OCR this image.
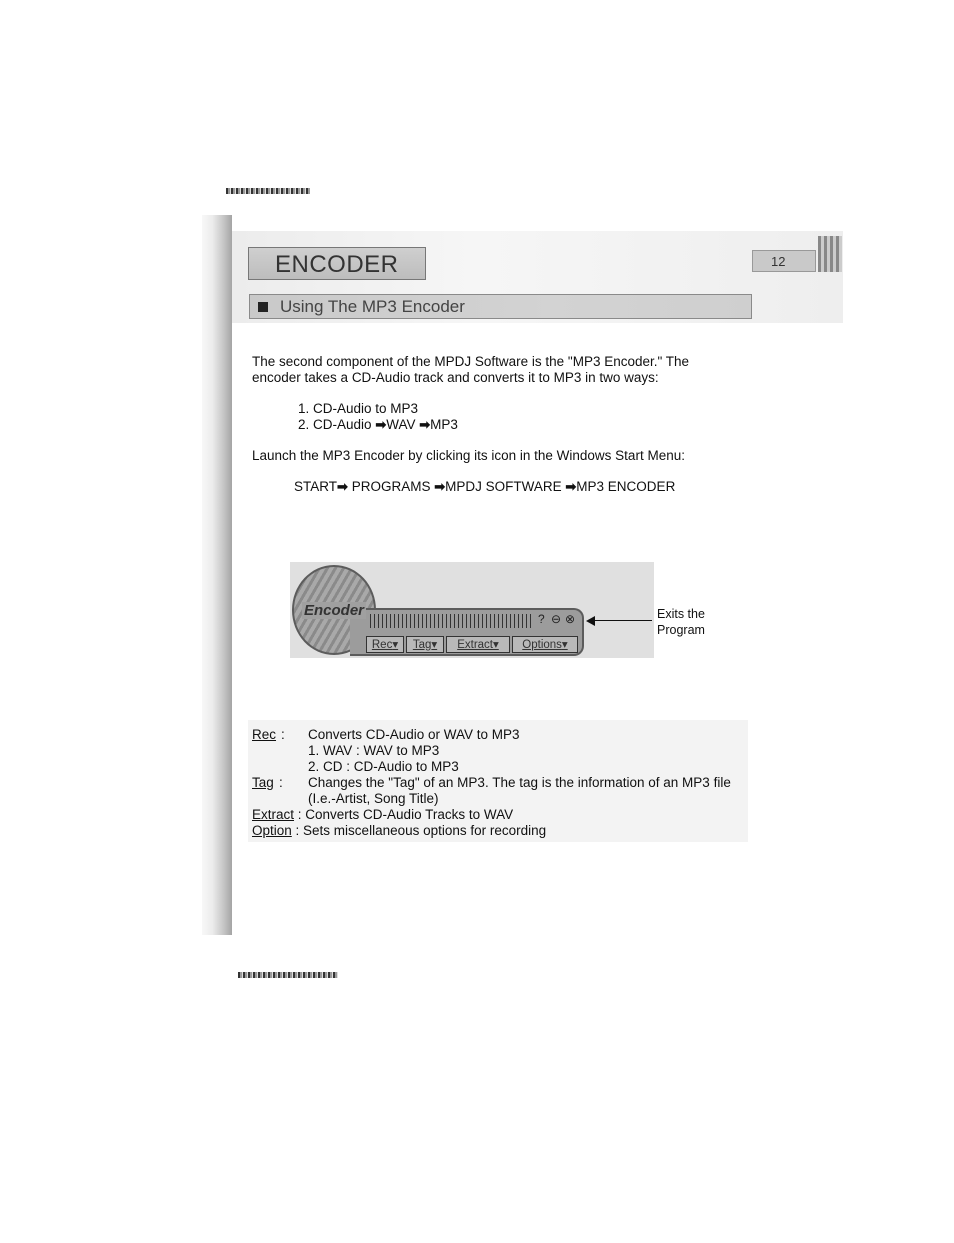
ENCODER	12
Using The MP3 Encoder
The second component of the MPDJ Software is the "MP3 Encoder." The
encoder takes a CD-Audio track and converts it to MP3 in two ways:
1. CD-Audio to MP3
2. CD-Audio ➡WAV ➡MP3
Launch the MP3 Encoder by clicking its icon in the Windows Start Menu:
START➡ PROGRAMS ➡MPDJ SOFTWARE ➡MP3 ENCODER
Encoder	? ⊖ ⊗
Rec▾	Tag▾	Extract▾	Options▾
Exits the
Program
Rec : Converts CD-Audio or WAV to MP3
1. WAV : WAV to MP3
2. CD : CD-Audio to MP3
Tag : Changes the "Tag" of an MP3. The tag is the information of an MP3 file
(I.e.-Artist, Song Title)
Extract : Converts CD-Audio Tracks to WAV
Option : Sets miscellaneous options for recording
